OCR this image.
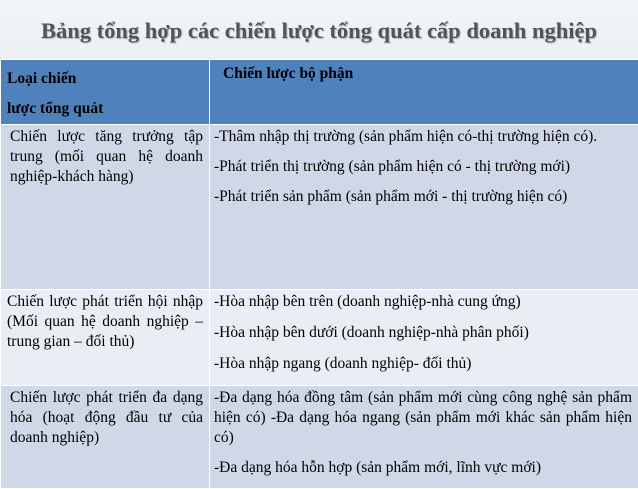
Bảng tổng hợp các chiến lược tổng quát cấp doanh nghiệp
Loại chiến
lược tổng quát	Chiến lược bộ phận

Chiến lược tăng trưởng tập trung (mối quan hệ doanh nghiệp-khách hàng)	-Thâm nhập thị trường (sản phẩm hiện có-thị trường hiện có).

-Phát triển thị trường (sản phẩm hiện có - thị trường mới)

-Phát triển sản phẩm (sản phẩm mới - thị trường hiện có)

Chiến lược phát triển hội nhập (Mối quan hệ doanh nghiệp – trung gian – đối thủ)	-Hòa nhập bên trên (doanh nghiệp-nhà cung ứng)

-Hòa nhập bên dưới (doanh nghiệp-nhà phân phối)

-Hòa nhập ngang (doanh nghiệp- đối thủ)

Chiến lược phát triển đa dạng hóa (hoạt động đầu tư của doanh nghiệp)	-Đa dạng hóa đồng tâm (sản phẩm mới cùng công nghệ sản phẩm hiện có) -Đa dạng hóa ngang (sản phẩm mới khác sản phẩm hiện có)

-Đa dạng hóa hỗn hợp (sản phẩm mới, lĩnh vực mới)
